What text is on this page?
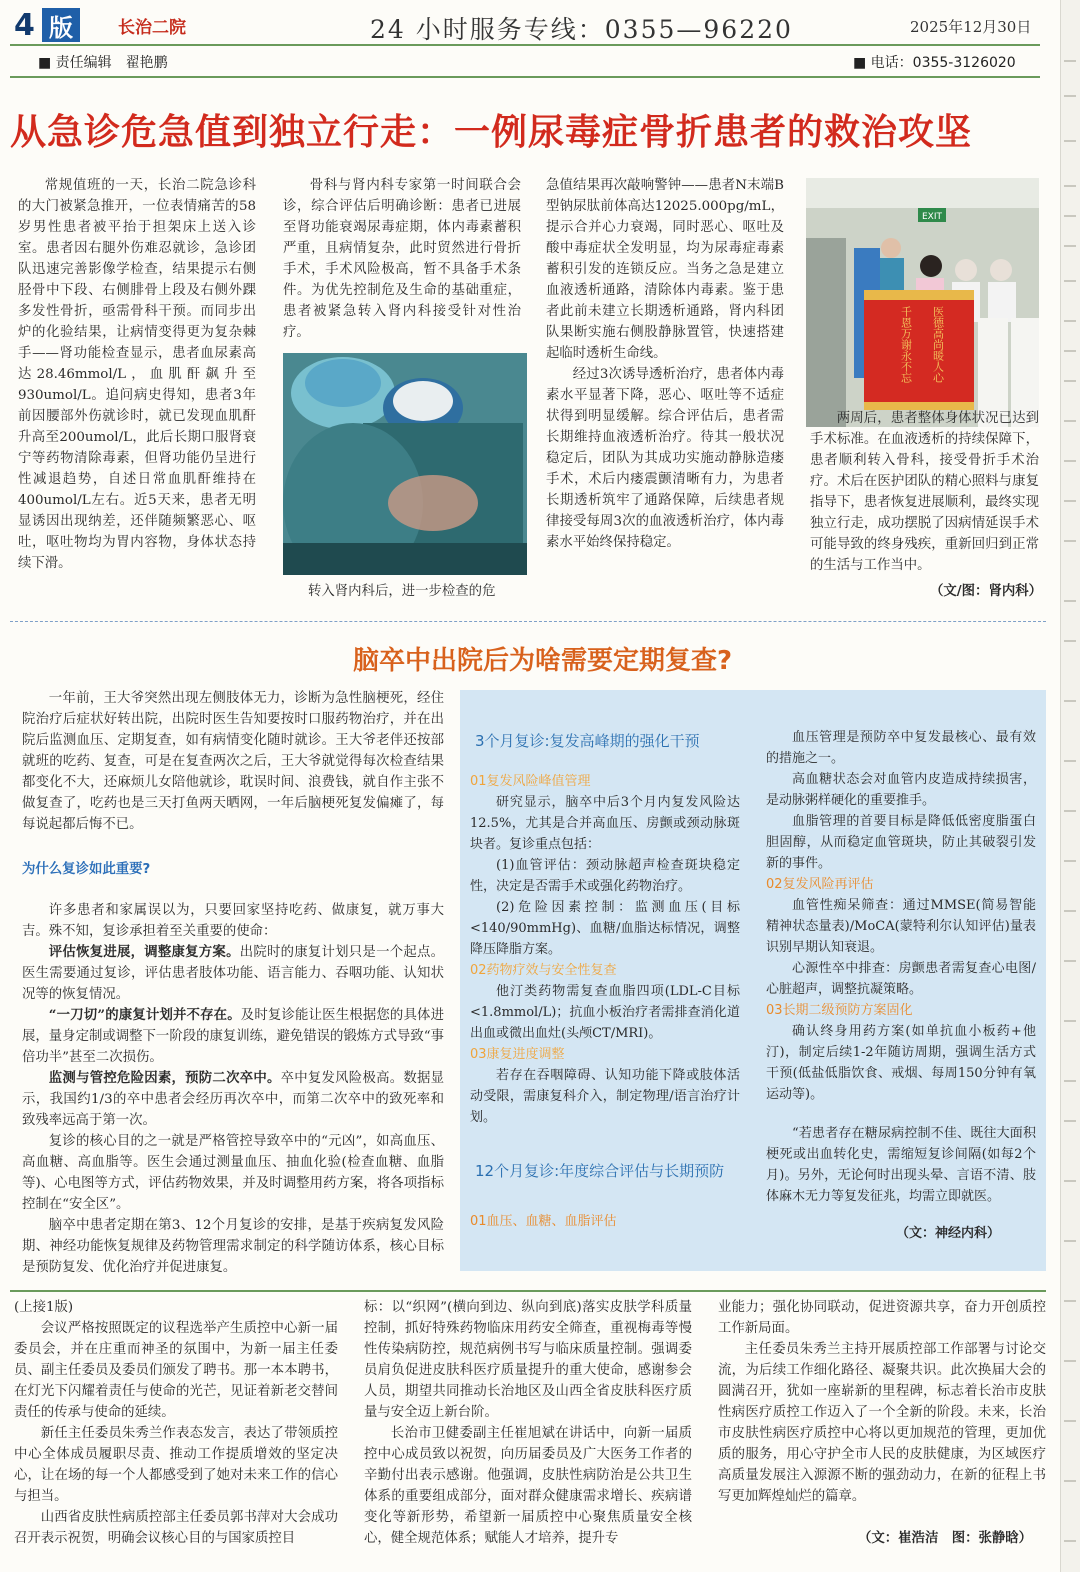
4 版	长治二院	24 小时服务专线：0355—96220	2025年12月30日
■ 责任编辑　翟艳鹏	■ 电话：0355-3126020
从急诊危急值到独立行走：一例尿毒症骨折患者的救治攻坚

常规值班的一天，长治二院急诊科的大门被紧急推开，一位表情痛苦的58岁男性患者被平抬于担架床上送入诊室。患者因右腿外伤难忍就诊，急诊团队迅速完善影像学检查，结果提示右侧胫骨中下段、右侧腓骨上段及右侧外踝多发性骨折，亟需骨科干预。而同步出炉的化验结果，让病情变得更为复杂棘手——肾功能检查显示，患者血尿素高达28.46mmol/L，血肌酐飙升至930umol/L。追问病史得知，患者3年前因腰部外伤就诊时，就已发现血肌酐升高至200umol/L，此后长期口服肾衰宁等药物清除毒素，但肾功能仍呈进行性减退趋势，自述日常血肌酐维持在400umol/L左右。近5天来，患者无明显诱因出现纳差，还伴随频繁恶心、呕吐，呕吐物均为胃内容物，身体状态持续下滑。

骨科与肾内科专家第一时间联合会诊，综合评估后明确诊断：患者已进展至肾功能衰竭尿毒症期，体内毒素蓄积严重，且病情复杂，此时贸然进行骨折手术，手术风险极高，暂不具备手术条件。为优先控制危及生命的基础重症，患者被紧急转入肾内科接受针对性治疗。

转入肾内科后，进一步检查的危

急值结果再次敲响警钟——患者N末端B型钠尿肽前体高达12025.000pg/mL，提示合并心力衰竭，同时恶心、呕吐及酸中毒症状全发明显，均为尿毒症毒素蓄积引发的连锁反应。当务之急是建立血液透析通路，清除体内毒素。鉴于患者此前未建立长期透析通路，肾内科团队果断实施右侧股静脉置管，快速搭建起临时透析生命线。

经过3次诱导透析治疗，患者体内毒素水平显著下降，恶心、呕吐等不适症状得到明显缓解。综合评估后，患者需长期维持血液透析治疗。待其一般状况稳定后，团队为其成功实施动静脉造瘘手术，术后内瘘震颤清晰有力，为患者长期透析筑牢了通路保障，后续患者规律接受每周3次的血液透析治疗，体内毒素水平始终保持稳定。

EXIT
医德高尚暖人心
千恩万谢永不忘

两周后，患者整体身体状况已达到手术标准。在血液透析的持续保障下，患者顺利转入骨科，接受骨折手术治疗。术后在医护团队的精心照料与康复指导下，患者恢复进展顺利，最终实现独立行走，成功摆脱了因病情延误手术可能导致的终身残疾，重新回归到正常的生活与工作当中。

（文/图：肾内科）
脑卒中出院后为啥需要定期复查?

一年前，王大爷突然出现左侧肢体无力，诊断为急性脑梗死，经住院治疗后症状好转出院，出院时医生告知要按时口服药物治疗，并在出院后监测血压、定期复查，如有病情变化随时就诊。王大爷老伴还按部就班的吃药、复查，可是在复查两次之后，王大爷就觉得每次检查结果都变化不大，还麻烦儿女陪他就诊，耽误时间、浪费钱，就自作主张不做复查了，吃药也是三天打鱼两天晒网，一年后脑梗死复发偏瘫了，每每说起都后悔不已。

为什么复诊如此重要?

许多患者和家属误以为，只要回家坚持吃药、做康复，就万事大吉。殊不知，复诊承担着至关重要的使命：

评估恢复进展，调整康复方案。出院时的康复计划只是一个起点。医生需要通过复诊，评估患者肢体功能、语言能力、吞咽功能、认知状况等的恢复情况。

“一刀切”的康复计划并不存在。及时复诊能让医生根据您的具体进展，量身定制或调整下一阶段的康复训练，避免错误的锻炼方式导致“事倍功半”甚至二次损伤。

监测与管控危险因素，预防二次卒中。卒中复发风险极高。数据显示，我国约1/3的卒中患者会经历再次卒中，而第二次卒中的致死率和致残率远高于第一次。

复诊的核心目的之一就是严格管控导致卒中的“元凶”，如高血压、高血糖、高血脂等。医生会通过测量血压、抽血化验(检查血糖、血脂等)、心电图等方式，评估药物效果，并及时调整用药方案，将各项指标控制在“安全区”。

脑卒中患者定期在第3、12个月复诊的安排，是基于疾病复发风险期、神经功能恢复规律及药物管理需求制定的科学随访体系，核心目标是预防复发、优化治疗并促进康复。

3个月复诊:复发高峰期的强化干预
01复发风险峰值管理

研究显示，脑卒中后3个月内复发风险达12.5%，尤其是合并高血压、房颤或颈动脉斑块者。复诊重点包括：

(1)血管评估：颈动脉超声检查斑块稳定性，决定是否需手术或强化药物治疗。

(2)危险因素控制：监测血压(目标<140/90mmHg)、血糖/血脂达标情况，调整降压降脂方案。

02药物疗效与安全性复查

他汀类药物需复查血脂四项(LDL-C目标<1.8mmol/L)；抗血小板治疗者需排查消化道出血或微出血灶(头颅CT/MRI)。

03康复进度调整

若存在吞咽障碍、认知功能下降或肢体活动受限，需康复科介入，制定物理/语言治疗计划。

12个月复诊:年度综合评估与长期预防
01血压、血糖、血脂评估

血压管理是预防卒中复发最核心、最有效的措施之一。

高血糖状态会对血管内皮造成持续损害，是动脉粥样硬化的重要推手。

血脂管理的首要目标是降低低密度脂蛋白胆固醇，从而稳定血管斑块，防止其破裂引发新的事件。

02复发风险再评估

血管性痴呆筛查：通过MMSE(简易智能精神状态量表)/MoCA(蒙特利尔认知评估)量表识别早期认知衰退。

心源性卒中排查：房颤患者需复查心电图/心脏超声，调整抗凝策略。

03长期二级预防方案固化

确认终身用药方案(如单抗血小板药+他汀)，制定后续1-2年随访周期，强调生活方式干预(低盐低脂饮食、戒烟、每周150分钟有氧运动等)。

“若患者存在糖尿病控制不佳、既往大面积梗死或出血转化史，需缩短复诊间隔(如每2个月)。另外，无论何时出现头晕、言语不清、肢体麻木无力等复发征兆，均需立即就医。

（文：神经内科）
(上接1版)

会议严格按照既定的议程选举产生质控中心新一届委员会，并在庄重而神圣的氛围中，为新一届主任委员、副主任委员及委员们颁发了聘书。那一本本聘书，在灯光下闪耀着责任与使命的光芒，见证着新老交替间责任的传承与使命的延续。

新任主任委员朱秀兰作表态发言，表达了带领质控中心全体成员履职尽责、推动工作提质增效的坚定决心，让在场的每一个人都感受到了她对未来工作的信心与担当。

山西省皮肤性病质控部主任委员郭书萍对大会成功召开表示祝贺，明确会议核心目的与国家质控目

标：以“织网”(横向到边、纵向到底)落实皮肤学科质量控制，抓好特殊药物临床用药安全筛查，重视梅毒等慢性传染病防控，规范病例书写与临床质量控制。强调委员肩负促进皮肤科医疗质量提升的重大使命，感谢参会人员，期望共同推动长治地区及山西全省皮肤科医疗质量与安全迈上新台阶。

长治市卫健委副主任崔旭斌在讲话中，向新一届质控中心成员致以祝贺，向历届委员及广大医务工作者的辛勤付出表示感谢。他强调，皮肤性病防治是公共卫生体系的重要组成部分，面对群众健康需求增长、疾病谱变化等新形势，希望新一届质控中心聚焦质量安全核心，健全规范体系；赋能人才培养，提升专

业能力；强化协同联动，促进资源共享，奋力开创质控工作新局面。

主任委员朱秀兰主持开展质控部工作部署与讨论交流，为后续工作细化路径、凝聚共识。此次换届大会的圆满召开，犹如一座崭新的里程碑，标志着长治市皮肤性病医疗质控工作迈入了一个全新的阶段。未来，长治市皮肤性病医疗质控中心将以更加规范的管理，更加优质的服务，用心守护全市人民的皮肤健康，为区域医疗高质量发展注入源源不断的强劲动力，在新的征程上书写更加辉煌灿烂的篇章。

（文：崔浩洁　图：张静晗）
